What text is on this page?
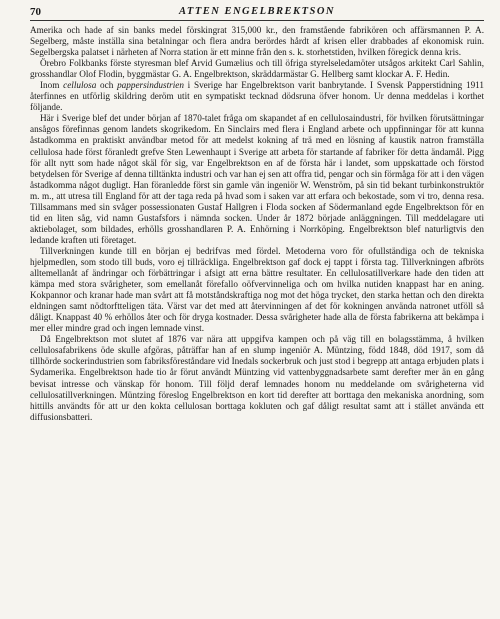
70	ATTEN ENGELBREKTSON

Amerika och hade af sin banks medel förskingrat 315,000 kr., den framstående fabrikören och affärsmannen P. A. Segelberg, måste inställa sina betalningar och flera andra berördes hårdt af krisen eller drabbades af ekonomisk ruin. Segelbergska palatset i närheten af Norra station är ett minne från den s. k. storhetstiden, hvilken föregick denna kris.

Örebro Folkbanks förste styresman blef Arvid Gumælius och till öfriga styrelseledamöter utsågos arkitekt Carl Sahlin, grosshandlar Olof Flodin, byggmästar G. A. Engelbrektson, skräddarmästar G. Hellberg samt klockar A. F. Hedin.

Inom cellulosa och pappersindustrien i Sverige har Engelbrektson varit banbrytande. I Svensk Papperstidning 1911 återfinnes en utförlig skildring deröm utit en sympatiskt tecknad dödsruna öfver honom. Ur denna meddelas i korthet följande.

Här i Sverige blef det under början af 1870-talet fråga om skapandet af en cellulosaindustri, för hvilken förutsättningar ansågos förefinnas genom landets skogrikedom. En Sinclairs med flera i England arbete och uppfinningar för att kunna åstadkomma en praktiskt användbar metod för att medelst kokning af trä med en lösning af kaustik natron framställa cellulosa hade först föranledt grefve Sten Lewenhaupt i Sverige att arbeta för startande af fabriker för detta ändamål. Pigg för allt nytt som hade något skäl för sig, var Engelbrektson en af de första här i landet, som uppskattade och förstod betydelsen för Sverige af denna tilltänkta industri och var han ej sen att offra tid, pengar och sin förmåga för att i den vägen åstadkomma något dugligt. Han föranledde först sin gamle vän ingeniör W. Wenström, på sin tid bekant turbinkonstruktör m. m., att utresa till England för att der taga reda på hvad som i saken var att erfara och bekostade, som vi tro, denna resa. Tillsammans med sin svåger possessionaten Gustaf Hallgren i Floda socken af Södermanland egde Engelbrektson för en tid en liten såg, vid namn Gustafsfors i nämnda socken. Under år 1872 började anläggningen. Till meddelagare uti aktiebolaget, som bildades, erhölls grosshandlaren P. A. Enhörning i Norrköping. Engelbrektson blef naturligtvis den ledande kraften uti företaget.

Tillverkningen kunde till en början ej bedrifvas med fördel. Metoderna voro för ofullständiga och de tekniska hjelpmedlen, som stodo till buds, voro ej tillräckliga. Engelbrektson gaf dock ej tappt i första tag. Tillverkningen afbröts alltemellanåt af ändringar och förbättringar i afsigt att erna bättre resultater. En cellulosatillverkare hade den tiden att kämpa med stora svårigheter, som emellanåt förefallo oöfvervinneliga och om hvilka nutiden knappast har en aning. Kokpannor och kranar hade man svårt att få motståndskraftiga nog mot det höga trycket, den starka hettan och den direkta eldningen samt nödtorftteligen täta. Värst var det med att återvinningen af det för kokningen använda natronet utföll så dåligt. Knappast 40 % erhöllos åter och för dryga kostnader. Dessa svårigheter hade alla de första fabrikerna att bekämpa i mer eller mindre grad och ingen lemnade vinst.

Då Engelbrektson mot slutet af 1876 var nära att uppgifva kampen och på väg till en bolagsstämma, å hvilken cellulosafabrikens öde skulle afgöras, påträffar han af en slump ingeniör A. Müntzing, född 1848, död 1917, som då tillhörde sockerindustrien som fabriksföreståndare vid Inedals sockerbruk och just stod i begrepp att antaga erbjuden plats i Sydamerika. Engelbrektson hade tio år förut användt Müntzing vid vattenbyggnadsarbete samt derefter mer än en gång bevisat intresse och vänskap för honom. Till följd deraf lemnades honom nu meddelande om svårigheterna vid cellulosatillverkningen. Müntzing föreslog Engelbrektson en kort tid derefter att borttaga den mekaniska anordning, som hittills användts för att ur den kokta cellulosan borttaga kokluten och gaf dåligt resultat samt att i stället använda ett diffusionsbatteri.
